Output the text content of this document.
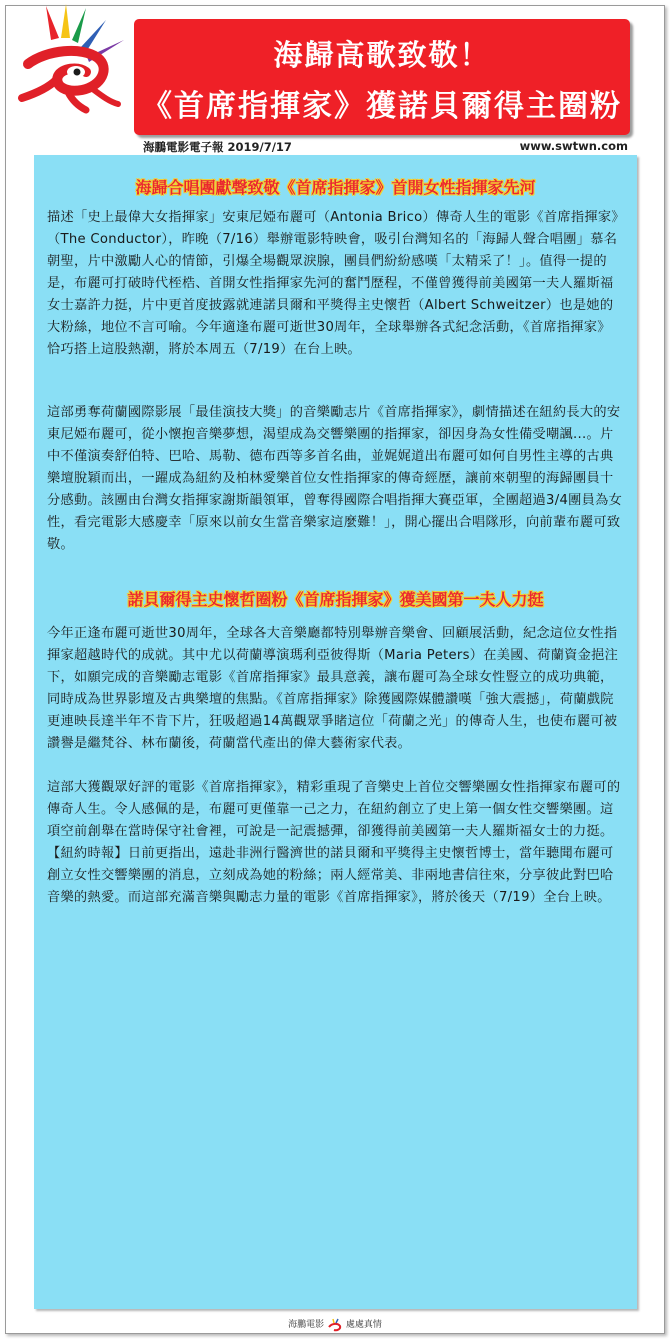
海歸高歌致敬！
《首席指揮家》獲諾貝爾得主圈粉
海鵬電影電子報 2019/7/17	www.swtwn.com
海歸合唱團獻聲致敬《首席指揮家》首開女性指揮家先河
描述「史上最偉大女指揮家」安東尼婭布麗可（Antonia Brico）傳奇人生的電影《首席指揮家》（The Conductor），昨晚（7/16）舉辦電影特映會，吸引台灣知名的「海歸人聲合唱團」慕名朝聖，片中激勵人心的情節，引爆全場觀眾淚腺，團員們紛紛感嘆「太精采了！」。值得一提的是，布麗可打破時代桎梏、首開女性指揮家先河的奮鬥歷程，不僅曾獲得前美國第一夫人羅斯福女士嘉許力挺，片中更首度披露就連諾貝爾和平獎得主史懷哲（Albert Schweitzer）也是她的大粉絲，地位不言可喻。今年適逢布麗可逝世30周年，全球舉辦各式紀念活動，《首席指揮家》恰巧搭上這股熱潮，將於本周五（7/19）在台上映。
這部勇奪荷蘭國際影展「最佳演技大獎」的音樂勵志片《首席指揮家》，劇情描述在紐約長大的安東尼婭布麗可，從小懷抱音樂夢想，渴望成為交響樂團的指揮家，卻因身為女性備受嘲諷...。片中不僅演奏舒伯特、巴哈、馬勒、德布西等多首名曲，並娓娓道出布麗可如何自男性主導的古典樂壇脫穎而出，一躍成為紐約及柏林愛樂首位女性指揮家的傳奇經歷，讓前來朝聖的海歸團員十分感動。該團由台灣女指揮家謝斯韻領軍，曾奪得國際合唱指揮大賽亞軍，全團超過3/4團員為女性，看完電影大感慶幸「原來以前女生當音樂家這麼難！」，開心擺出合唱隊形，向前輩布麗可致敬。
諾貝爾得主史懷哲圈粉《首席指揮家》獲美國第一夫人力挺
今年正逢布麗可逝世30周年，全球各大音樂廳都特別舉辦音樂會、回顧展活動，紀念這位女性指揮家超越時代的成就。其中尤以荷蘭導演瑪利亞彼得斯（Maria Peters）在美國、荷蘭資金挹注下，如願完成的音樂勵志電影《首席指揮家》最具意義，讓布麗可為全球女性豎立的成功典範，同時成為世界影壇及古典樂壇的焦點。《首席指揮家》除獲國際媒體讚嘆「強大震撼」，荷蘭戲院更連映長達半年不肯下片，狂吸超過14萬觀眾爭睹這位「荷蘭之光」的傳奇人生，也使布麗可被讚譽是繼梵谷、林布蘭後，荷蘭當代產出的偉大藝術家代表。
這部大獲觀眾好評的電影《首席指揮家》，精彩重現了音樂史上首位交響樂團女性指揮家布麗可的傳奇人生。令人感佩的是，布麗可更僅靠一己之力，在紐約創立了史上第一個女性交響樂團。這項空前創舉在當時保守社會裡，可說是一記震撼彈，卻獲得前美國第一夫人羅斯福女士的力挺。【紐約時報】日前更指出，遠赴非洲行醫濟世的諾貝爾和平獎得主史懷哲博士，當年聽聞布麗可創立女性交響樂團的消息，立刻成為她的粉絲；兩人經常美、非兩地書信往來，分享彼此對巴哈音樂的熱愛。而這部充滿音樂與勵志力量的電影《首席指揮家》，將於後天（7/19）全台上映。
海鵬電影 處處真情
